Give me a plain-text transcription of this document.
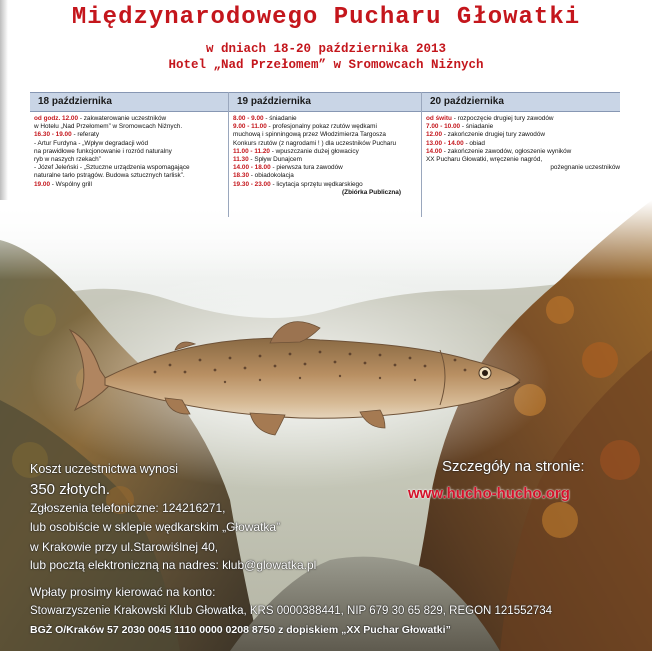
Międzynarodowego Pucharu Głowatki
w dniach 18-20 października 2013
Hotel „Nad Przełomem” w Sromowcach Niżnych
18 października
od godz. 12.00 - zakwaterowanie uczestników
w Hotelu „Nad Przełomem” w Sromowcach Niżnych.
16.30 - 19.00 - referaty
- Artur Furdyna - „Wpływ degradacji wód
na prawidłowe funkcjonowanie i rozród naturalny
ryb w naszych rzekach”
- Józef Jeleński - „Sztuczne urządzenia wspomagające
naturalne tarło pstrągów. Budowa sztucznych tarlisk”.
19.00 - Wspólny grill
19 października
8.00 - 9.00 - śniadanie
9.00 - 11.00 - profesjonalny pokaz rzutów wędkami
muchową i spinningową przez Włodzimierza Targosza
Konkurs rzutów (z nagrodami ! ) dla uczestników Pucharu
11.00 - 11.20 - wpuszczanie dużej głowacicy
11.30 - Spływ Dunajcem
14.00 - 18.00 - pierwsza tura zawodów
18.30 - obiadokolacja
19.30 - 23.00 - licytacja sprzętu wędkarskiego
(Zbiórka Publiczna)
20 października
od świtu - rozpoczęcie drugiej tury zawodów
7.00 - 10.00 - śniadanie
12.00 - zakończenie drugiej tury zawodów
13.00 - 14.00 - obiad
14.00 - zakończenie zawodów, ogłoszenie wyników
XX Pucharu Głowatki, wręczenie nagród,
pożegnanie uczestników
Koszt uczestnictwa wynosi
350 złotych.
Zgłoszenia telefoniczne: 124216271,
lub osobiście w sklepie wędkarskim „Głowatka”
w Krakowie przy ul.Starowiślnej 40,
lub pocztą elektroniczną na nadres: klub@glowatka.pl
Wpłaty prosimy kierować na konto:
Stowarzyszenie Krakowski Klub Głowatka, KRS 0000388441, NIP 679 30 65 829, REGON 121552734
BGŻ O/Kraków 57 2030 0045 1110 0000 0208 8750 z dopiskiem „XX Puchar Głowatki”
Szczegóły na stronie:
www.hucho-hucho.org
